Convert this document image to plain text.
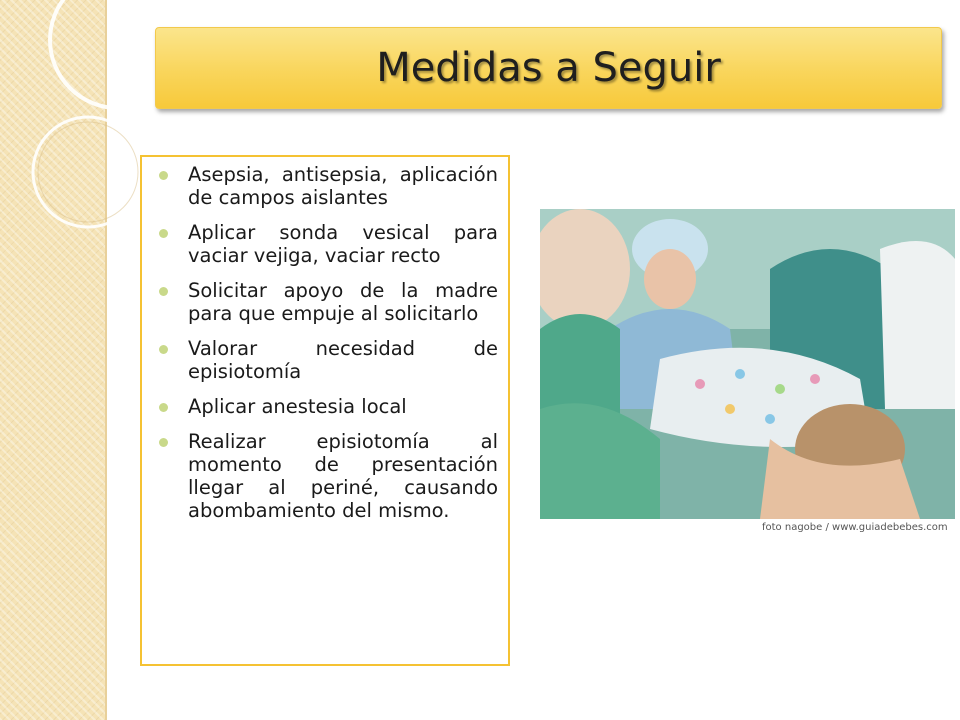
Medidas a Seguir
Asepsia, antisepsia, aplicación de campos aislantes
Aplicar sonda vesical para vaciar vejiga, vaciar recto
Solicitar apoyo de la madre para que empuje al solicitarlo
Valorar necesidad de episiotomía
Aplicar anestesia local
Realizar episiotomía al momento de presentación llegar al periné, causando abombamiento del mismo.
foto nagobe / www.guiadebebes.com
